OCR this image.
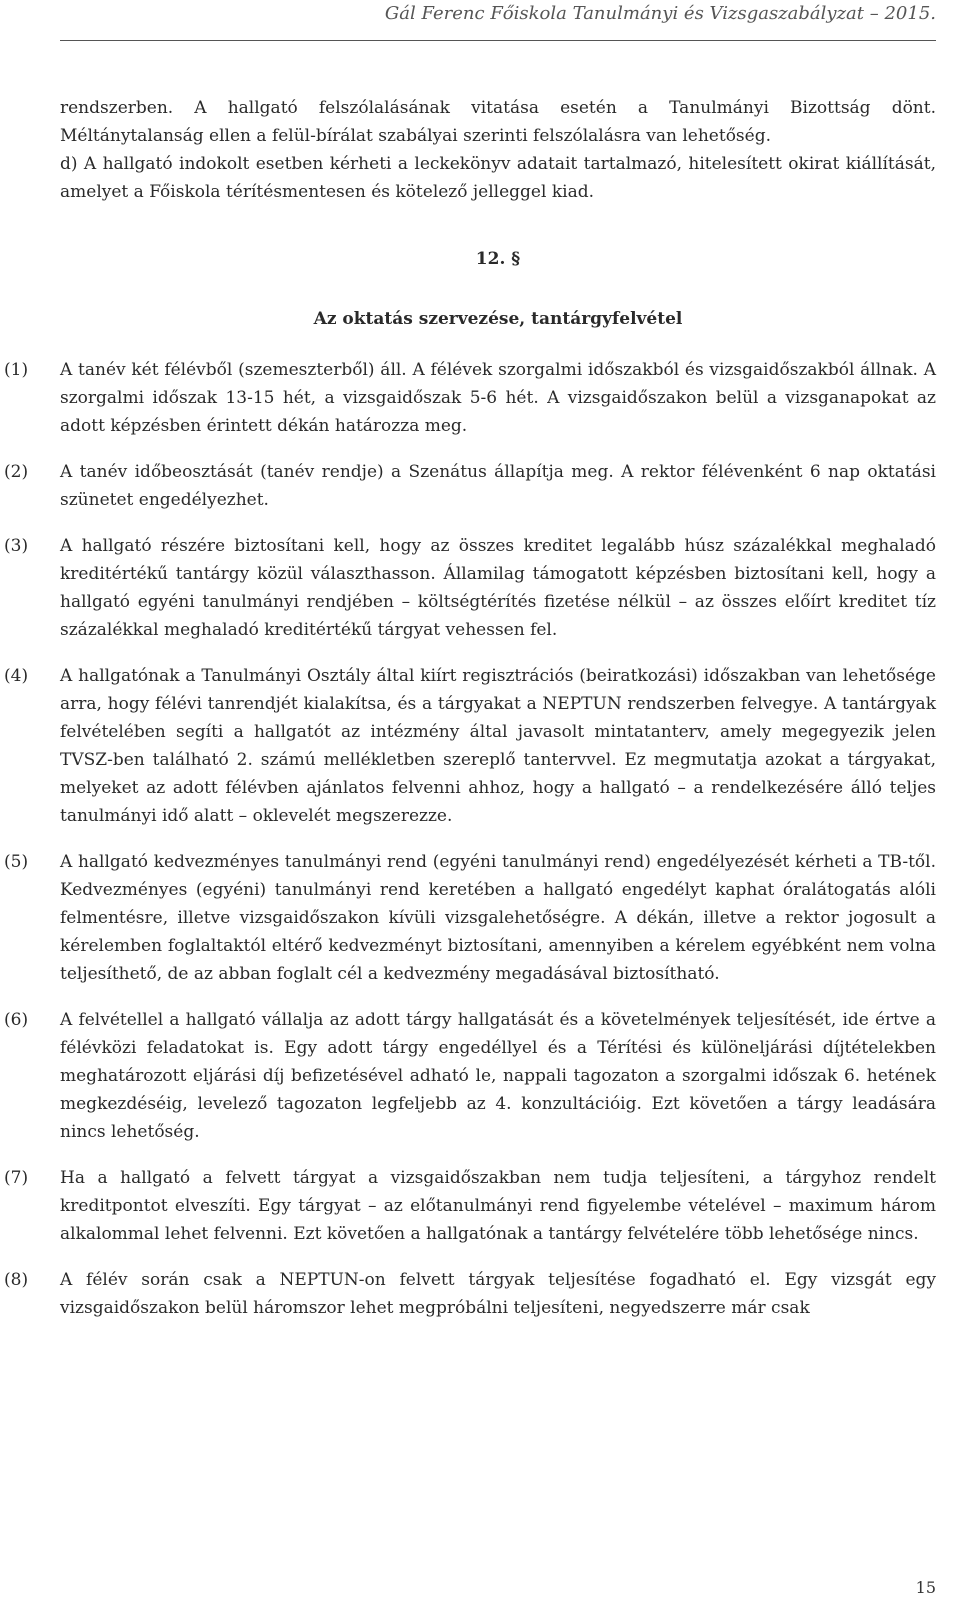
Gál Ferenc Főiskola Tanulmányi és Vizsgaszabályzat – 2015.

rendszerben. A hallgató felszólalásának vitatása esetén a Tanulmányi Bizottság dönt. Méltánytalanság ellen a felül-bírálat szabályai szerinti felszólalásra van lehetőség.

d) A hallgató indokolt esetben kérheti a leckekönyv adatait tartalmazó, hitelesített okirat kiállítását, amelyet a Főiskola térítésmentesen és kötelező jelleggel kiad.

12. §
Az oktatás szervezése, tantárgyfelvétel
(1) A tanév két félévből (szemeszterből) áll. A félévek szorgalmi időszakból és vizsgaidőszakból állnak. A szorgalmi időszak 13-15 hét, a vizsgaidőszak 5-6 hét. A vizsgaidőszakon belül a vizsganapokat az adott képzésben érintett dékán határozza meg.
(2) A tanév időbeosztását (tanév rendje) a Szenátus állapítja meg. A rektor félévenként 6 nap oktatási szünetet engedélyezhet.
(3) A hallgató részére biztosítani kell, hogy az összes kreditet legalább húsz százalékkal meghaladó kreditértékű tantárgy közül választhasson. Államilag támogatott képzésben biztosítani kell, hogy a hallgató egyéni tanulmányi rendjében – költségtérítés fizetése nélkül – az összes előírt kreditet tíz százalékkal meghaladó kreditértékű tárgyat vehessen fel.
(4) A hallgatónak a Tanulmányi Osztály által kiírt regisztrációs (beiratkozási) időszakban van lehetősége arra, hogy félévi tanrendjét kialakítsa, és a tárgyakat a NEPTUN rendszerben felvegye. A tantárgyak felvételében segíti a hallgatót az intézmény által javasolt mintatanterv, amely megegyezik jelen TVSZ-ben található 2. számú mellékletben szereplő tantervvel. Ez megmutatja azokat a tárgyakat, melyeket az adott félévben ajánlatos felvenni ahhoz, hogy a hallgató – a rendelkezésére álló teljes tanulmányi idő alatt – oklevelét megszerezze.
(5) A hallgató kedvezményes tanulmányi rend (egyéni tanulmányi rend) engedélyezését kérheti a TB-től. Kedvezményes (egyéni) tanulmányi rend keretében a hallgató engedélyt kaphat óralátogatás alóli felmentésre, illetve vizsgaidőszakon kívüli vizsgalehetőségre. A dékán, illetve a rektor jogosult a kérelemben foglaltaktól eltérő kedvezményt biztosítani, amennyiben a kérelem egyébként nem volna teljesíthető, de az abban foglalt cél a kedvezmény megadásával biztosítható.
(6) A felvétellel a hallgató vállalja az adott tárgy hallgatását és a követelmények teljesítését, ide értve a félévközi feladatokat is. Egy adott tárgy engedéllyel és a Térítési és különeljárási díjtételekben meghatározott eljárási díj befizetésével adható le, nappali tagozaton a szorgalmi időszak 6. hetének megkezdéséig, levelező tagozaton legfeljebb az 4. konzultációig. Ezt követően a tárgy leadására nincs lehetőség.
(7) Ha a hallgató a felvett tárgyat a vizsgaidőszakban nem tudja teljesíteni, a tárgyhoz rendelt kreditpontot elveszíti. Egy tárgyat – az előtanulmányi rend figyelembe vételével – maximum három alkalommal lehet felvenni. Ezt követően a hallgatónak a tantárgy felvételére több lehetősége nincs.
(8) A félév során csak a NEPTUN-on felvett tárgyak teljesítése fogadható el. Egy vizsgát egy vizsgaidőszakon belül háromszor lehet megpróbálni teljesíteni, negyedszerre már csak
15
